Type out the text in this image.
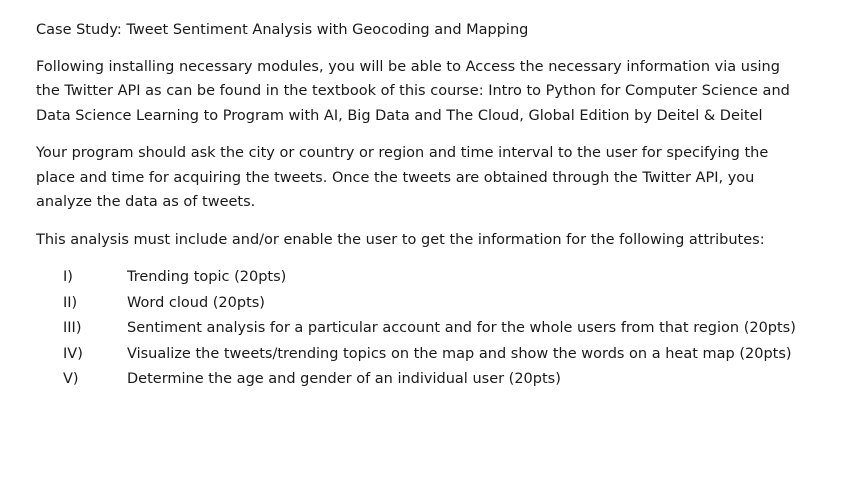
Case Study: Tweet Sentiment Analysis with Geocoding and Mapping

Following installing necessary modules, you will be able to Access the necessary information via using the Twitter API as can be found in the textbook of this course: Intro to Python for Computer Science and Data Science Learning to Program with AI, Big Data and The Cloud, Global Edition by Deitel & Deitel

Your program should ask the city or country or region and time interval to the user for specifying the place and time for acquiring the tweets. Once the tweets are obtained through the Twitter API, you analyze the data as of tweets.

This analysis must include and/or enable the user to get the information for the following attributes:

I)	Trending topic (20pts)
II)	Word cloud (20pts)
III)	Sentiment analysis for a particular account and for the whole users from that region (20pts)
IV)	Visualize the tweets/trending topics on the map and show the words on a heat map (20pts)
V)	Determine the age and gender of an individual user (20pts)
